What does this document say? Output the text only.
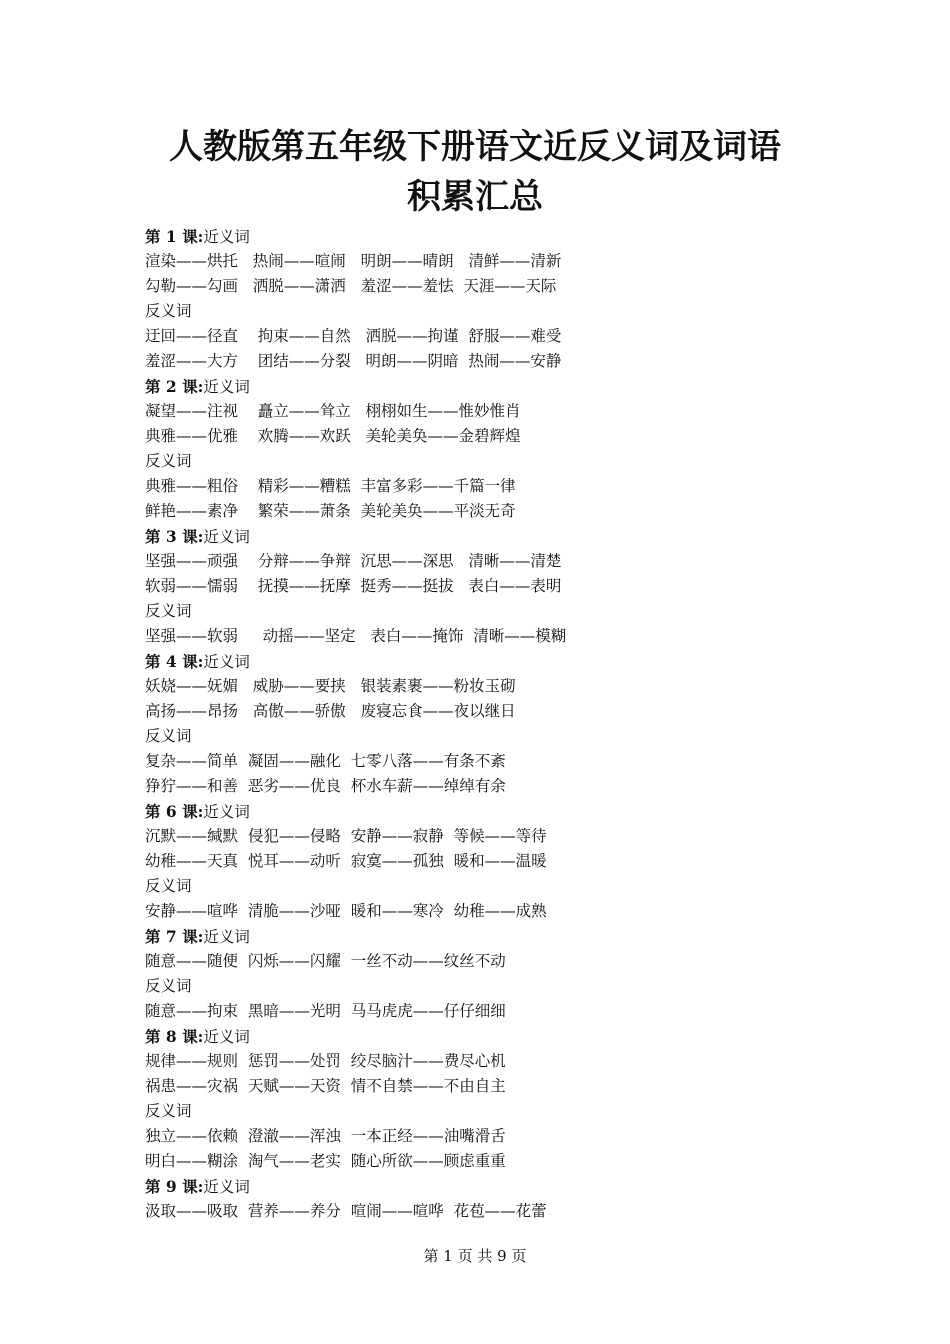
人教版第五年级下册语文近反义词及词语
积累汇总
第 1 课:近义词
渲染——烘托   热闹——喧闹   明朗——晴朗   清鲜——清新
勾勒——勾画   洒脱——潇洒   羞涩——羞怯  天涯——天际
反义词
迂回——径直    拘束——自然   洒脱——拘谨  舒服——难受
羞涩——大方    团结——分裂   明朗——阴暗  热闹——安静
第 2 课:近义词
凝望——注视    矗立——耸立   栩栩如生——惟妙惟肖
典雅——优雅    欢腾——欢跃   美轮美奂——金碧辉煌
反义词
典雅——粗俗    精彩——糟糕  丰富多彩——千篇一律
鲜艳——素净    繁荣——萧条  美轮美奂——平淡无奇
第 3 课:近义词
坚强——顽强    分辩——争辩  沉思——深思   清晰——清楚
软弱——懦弱    抚摸——抚摩  挺秀——挺拔   表白——表明
反义词
坚强——软弱     动摇——坚定   表白——掩饰  清晰——模糊
第 4 课:近义词
妖娆——妩媚   威胁——要挟   银装素裹——粉妆玉砌
高扬——昂扬   高傲——骄傲   废寝忘食——夜以继日
反义词
复杂——简单  凝固——融化  七零八落——有条不紊
狰狞——和善  恶劣——优良  杯水车薪——绰绰有余
第 6 课:近义词
沉默——缄默  侵犯——侵略  安静——寂静  等候——等待
幼稚——天真  悦耳——动听  寂寞——孤独  暖和——温暖
反义词
安静——喧哗  清脆——沙哑  暖和——寒冷  幼稚——成熟
第 7 课:近义词
随意——随便  闪烁——闪耀  一丝不动——纹丝不动
反义词
随意——拘束  黑暗——光明  马马虎虎——仔仔细细
第 8 课:近义词
规律——规则  惩罚——处罚  绞尽脑汁——费尽心机
祸患——灾祸  天赋——天资  情不自禁——不由自主
反义词
独立——依赖  澄澈——浑浊  一本正经——油嘴滑舌
明白——糊涂  淘气——老实  随心所欲——顾虑重重
第 9 课:近义词
汲取——吸取  营养——养分  喧闹——喧哗  花苞——花蕾
第 1 页 共 9 页
